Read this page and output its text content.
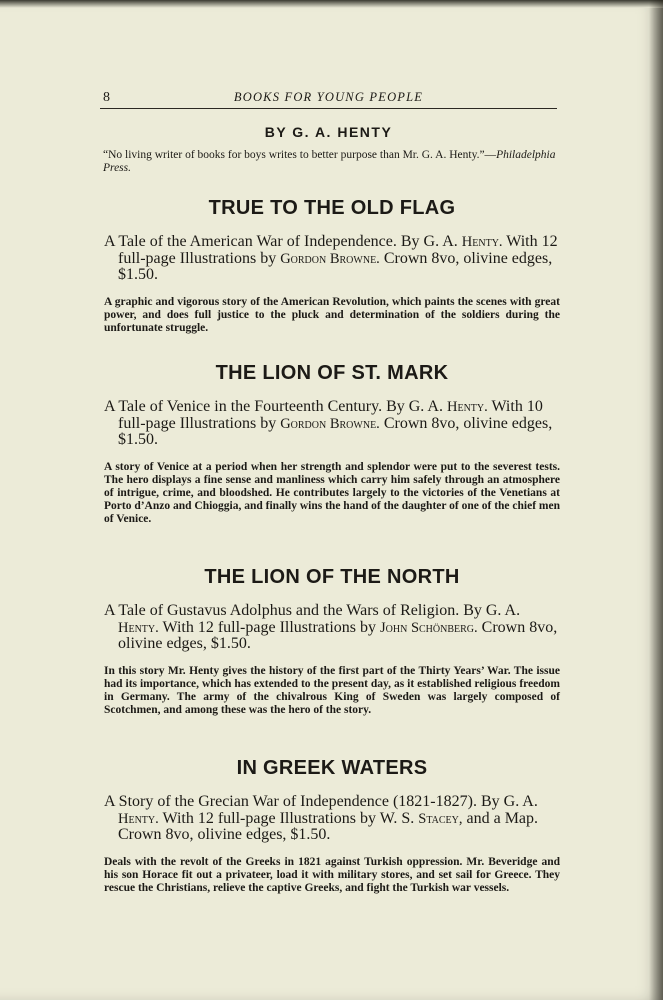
8	BOOKS FOR YOUNG PEOPLE
BY G. A. HENTY
“No living writer of books for boys writes to better purpose than Mr. G. A. Henty.”—Philadelphia Press.
TRUE TO THE OLD FLAG

A Tale of the American War of Independence. By G. A. Henty. With 12 full-page Illustrations by Gordon Browne. Crown 8vo, olivine edges, $1.50.

A graphic and vigorous story of the American Revolution, which paints the scenes with great power, and does full justice to the pluck and determination of the soldiers during the unfortunate struggle.

THE LION OF ST. MARK

A Tale of Venice in the Fourteenth Century. By G. A. Henty. With 10 full-page Illustrations by Gordon Browne. Crown 8vo, olivine edges, $1.50.

A story of Venice at a period when her strength and splendor were put to the severest tests. The hero displays a fine sense and manliness which carry him safely through an atmosphere of intrigue, crime, and bloodshed. He contributes largely to the victories of the Venetians at Porto d’Anzo and Chioggia, and finally wins the hand of the daughter of one of the chief men of Venice.

THE LION OF THE NORTH

A Tale of Gustavus Adolphus and the Wars of Religion. By G. A. Henty. With 12 full-page Illustrations by John Schönberg. Crown 8vo, olivine edges, $1.50.

In this story Mr. Henty gives the history of the first part of the Thirty Years’ War. The issue had its importance, which has extended to the present day, as it established religious freedom in Germany. The army of the chivalrous King of Sweden was largely composed of Scotchmen, and among these was the hero of the story.

IN GREEK WATERS

A Story of the Grecian War of Independence (1821-1827). By G. A. Henty. With 12 full-page Illustrations by W. S. Stacey, and a Map. Crown 8vo, olivine edges, $1.50.

Deals with the revolt of the Greeks in 1821 against Turkish oppression. Mr. Beveridge and his son Horace fit out a privateer, load it with military stores, and set sail for Greece. They rescue the Christians, relieve the captive Greeks, and fight the Turkish war vessels.
